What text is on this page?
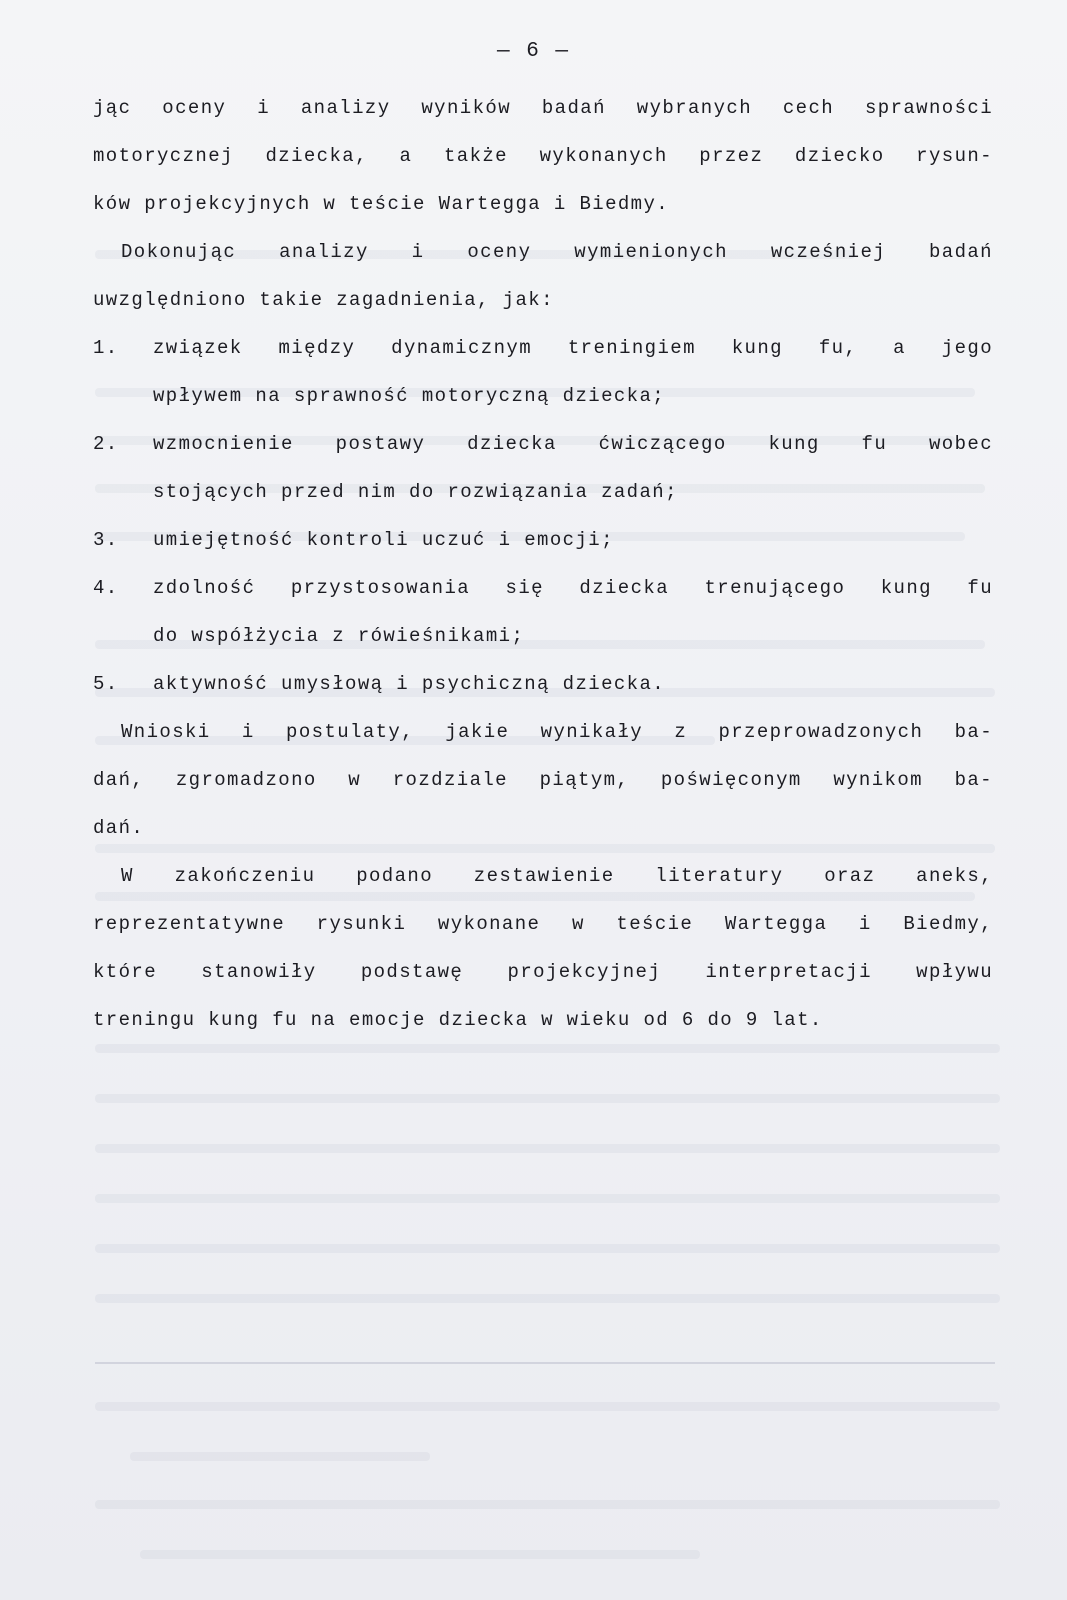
— 6 —
jąc oceny i analizy wyników badań wybranych cech sprawności
motorycznej dziecka, a także wykonanych przez dziecko rysun-
ków projekcyjnych w teście Wartegga i Biedmy.
Dokonując analizy i oceny wymienionych wcześniej badań
uwzględniono takie zagadnienia, jak:
1. związek między dynamicznym treningiem kung fu, a jego
wpływem na sprawność motoryczną dziecka;
2. wzmocnienie postawy dziecka ćwiczącego kung fu wobec
stojących przed nim do rozwiązania zadań;
3. umiejętność kontroli uczuć i emocji;
4. zdolność przystosowania się dziecka trenującego kung fu
do współżycia z rówieśnikami;
5. aktywność umysłową i psychiczną dziecka.
Wnioski i postulaty, jakie wynikały z przeprowadzonych ba-
dań, zgromadzono w rozdziale piątym, poświęconym wynikom ba-
dań.
W zakończeniu podano zestawienie literatury oraz aneks,
reprezentatywne rysunki wykonane w teście Wartegga i Biedmy,
które stanowiły podstawę projekcyjnej interpretacji wpływu
treningu kung fu na emocje dziecka w wieku od 6 do 9 lat.
